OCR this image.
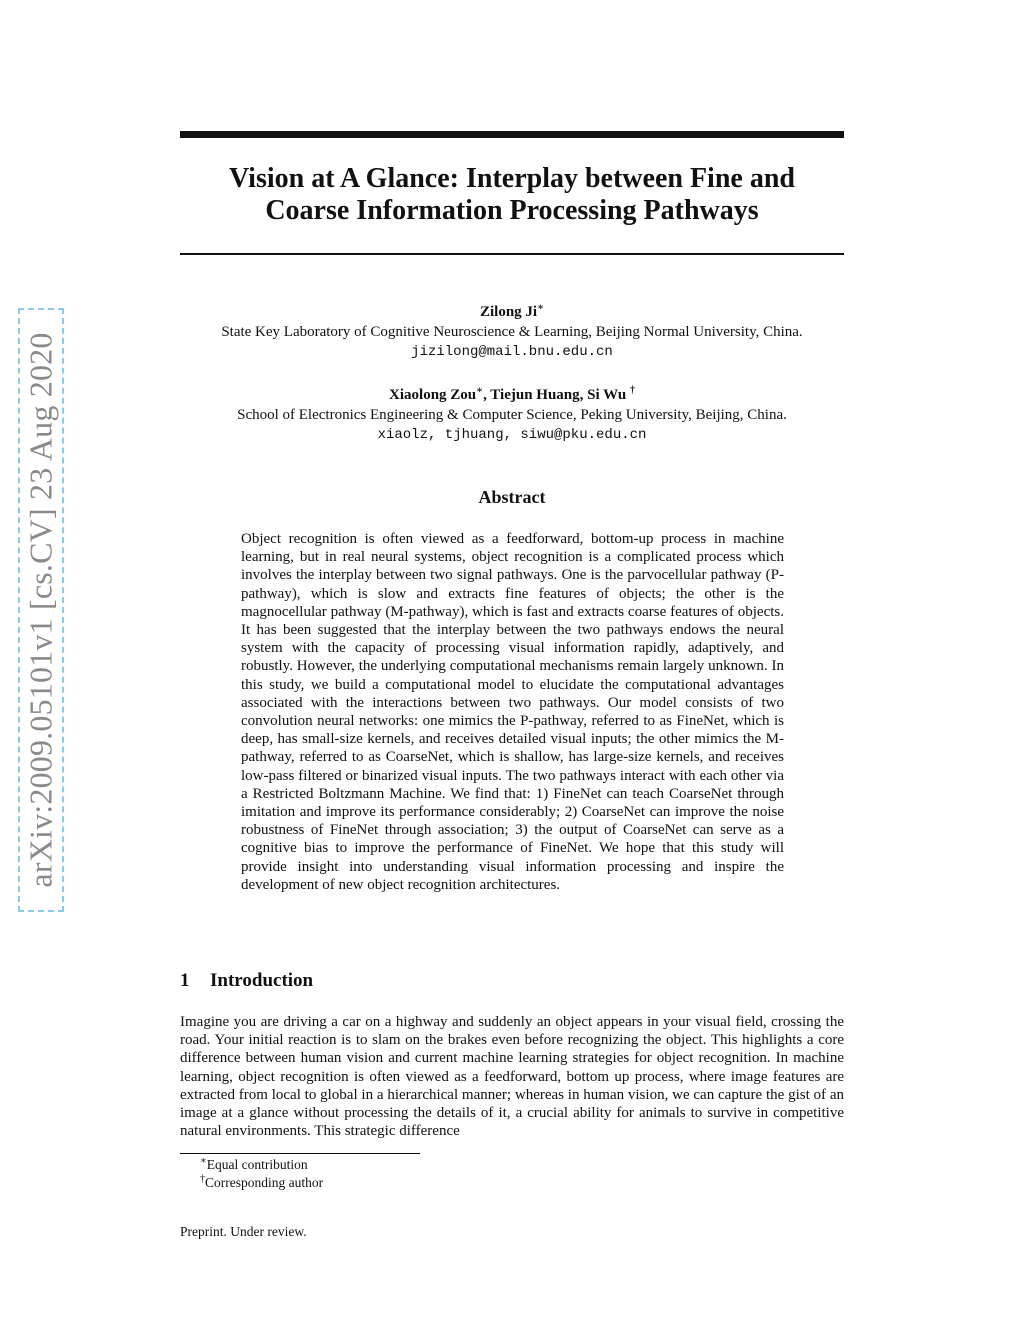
arXiv:2009.05101v1 [cs.CV] 23 Aug 2020
Vision at A Glance: Interplay between Fine and
Coarse Information Processing Pathways
Zilong Ji∗
State Key Laboratory of Cognitive Neuroscience & Learning, Beijing Normal University, China.
jizilong@mail.bnu.edu.cn
Xiaolong Zou∗, Tiejun Huang, Si Wu †
School of Electronics Engineering & Computer Science, Peking University, Beijing, China.
xiaolz, tjhuang, siwu@pku.edu.cn
Abstract

Object recognition is often viewed as a feedforward, bottom-up process in machine learning, but in real neural systems, object recognition is a complicated process which involves the interplay between two signal pathways. One is the parvocellular pathway (P-pathway), which is slow and extracts fine features of objects; the other is the magnocellular pathway (M-pathway), which is fast and extracts coarse features of objects. It has been suggested that the interplay between the two pathways endows the neural system with the capacity of processing visual information rapidly, adaptively, and robustly. However, the underlying computational mechanisms remain largely unknown. In this study, we build a computational model to elucidate the computational advantages associated with the interactions between two pathways. Our model consists of two convolution neural networks: one mimics the P-pathway, referred to as FineNet, which is deep, has small-size kernels, and receives detailed visual inputs; the other mimics the M-pathway, referred to as CoarseNet, which is shallow, has large-size kernels, and receives low-pass filtered or binarized visual inputs. The two pathways interact with each other via a Restricted Boltzmann Machine. We find that: 1) FineNet can teach CoarseNet through imitation and improve its performance considerably; 2) CoarseNet can improve the noise robustness of FineNet through association; 3) the output of CoarseNet can serve as a cognitive bias to improve the performance of FineNet. We hope that this study will provide insight into understanding visual information processing and inspire the development of new object recognition architectures.

1 Introduction

Imagine you are driving a car on a highway and suddenly an object appears in your visual field, crossing the road. Your initial reaction is to slam on the brakes even before recognizing the object. This highlights a core difference between human vision and current machine learning strategies for object recognition. In machine learning, object recognition is often viewed as a feedforward, bottom up process, where image features are extracted from local to global in a hierarchical manner; whereas in human vision, we can capture the gist of an image at a glance without processing the details of it, a crucial ability for animals to survive in competitive natural environments. This strategic difference

∗Equal contribution
†Corresponding author
Preprint. Under review.
